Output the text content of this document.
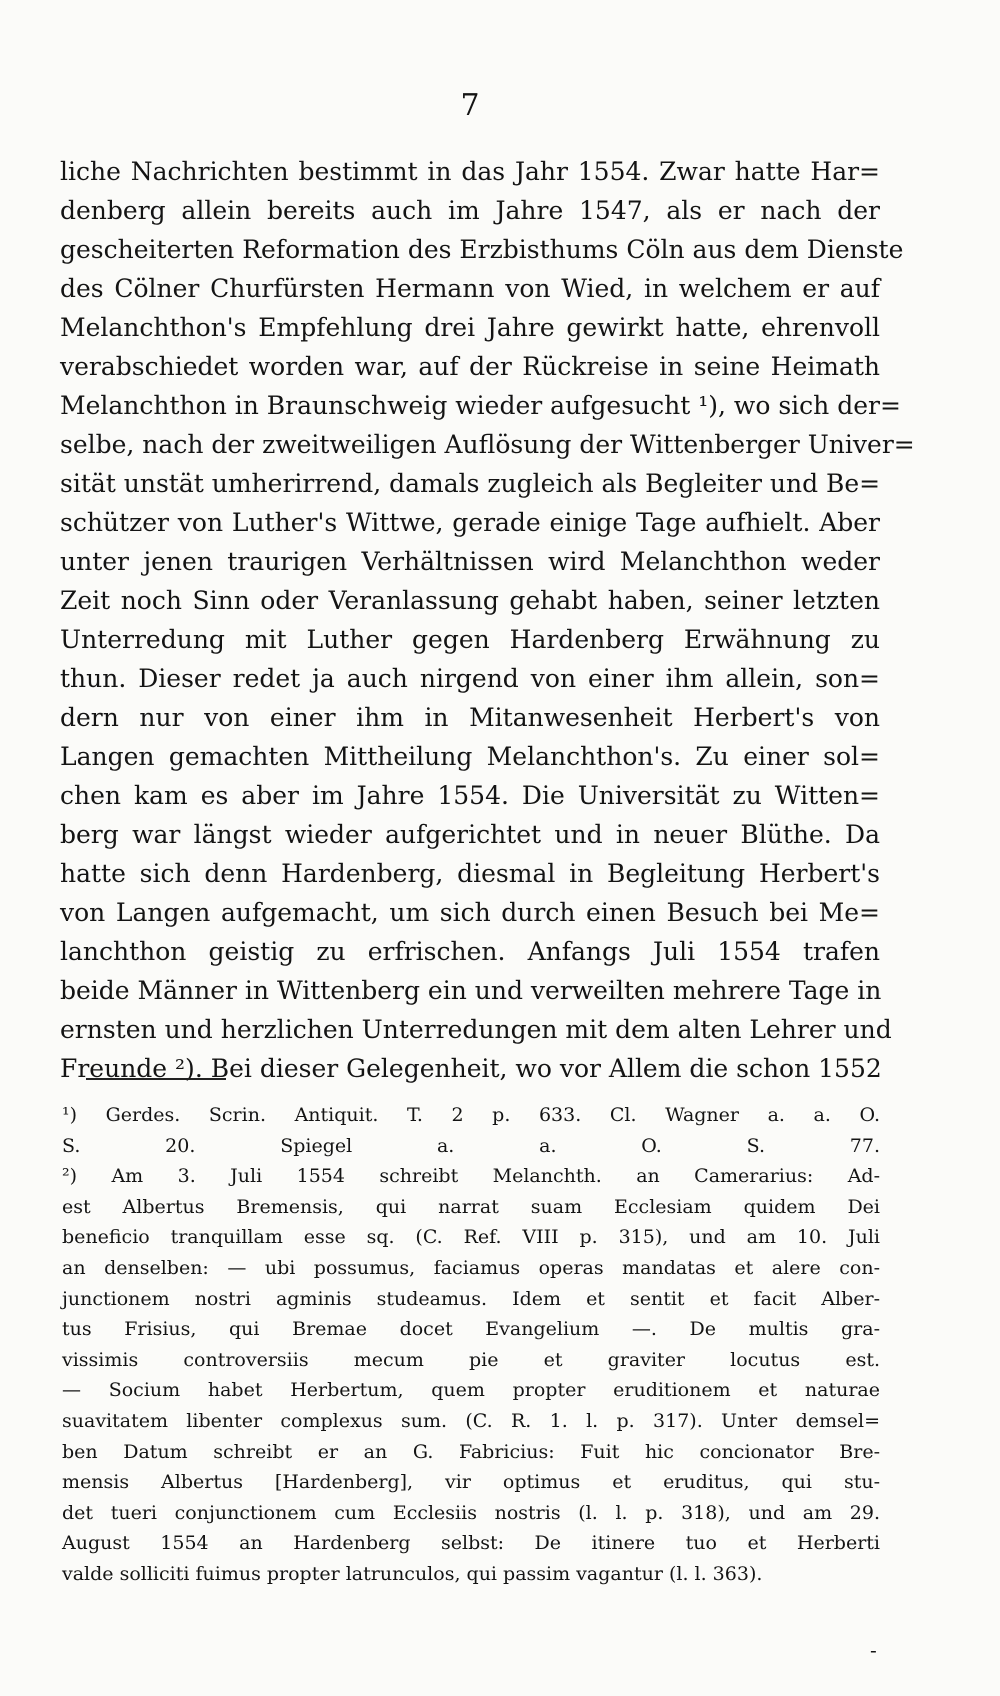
7
liche Nachrichten bestimmt in das Jahr 1554. Zwar hatte Har=
denberg allein bereits auch im Jahre 1547, als er nach der
gescheiterten Reformation des Erzbisthums Cöln aus dem Dienste
des Cölner Churfürsten Hermann von Wied, in welchem er auf
Melanchthon's Empfehlung drei Jahre gewirkt hatte, ehrenvoll
verabschiedet worden war, auf der Rückreise in seine Heimath
Melanchthon in Braunschweig wieder aufgesucht ¹), wo sich der=
selbe, nach der zweitweiligen Auflösung der Wittenberger Univer=
sität unstät umherirrend, damals zugleich als Begleiter und Be=
schützer von Luther's Wittwe, gerade einige Tage aufhielt. Aber
unter jenen traurigen Verhältnissen wird Melanchthon weder
Zeit noch Sinn oder Veranlassung gehabt haben, seiner letzten
Unterredung mit Luther gegen Hardenberg Erwähnung zu
thun. Dieser redet ja auch nirgend von einer ihm allein, son=
dern nur von einer ihm in Mitanwesenheit Herbert's von
Langen gemachten Mittheilung Melanchthon's. Zu einer sol=
chen kam es aber im Jahre 1554. Die Universität zu Witten=
berg war längst wieder aufgerichtet und in neuer Blüthe. Da
hatte sich denn Hardenberg, diesmal in Begleitung Herbert's
von Langen aufgemacht, um sich durch einen Besuch bei Me=
lanchthon geistig zu erfrischen. Anfangs Juli 1554 trafen
beide Männer in Wittenberg ein und verweilten mehrere Tage in
ernsten und herzlichen Unterredungen mit dem alten Lehrer und
Freunde ²). Bei dieser Gelegenheit, wo vor Allem die schon 1552
¹) Gerdes. Scrin. Antiquit. T. 2 p. 633. Cl. Wagner a. a. O.
S. 20. Spiegel a. a. O. S. 77.
²) Am 3. Juli 1554 schreibt Melanchth. an Camerarius: Ad-
est Albertus Bremensis, qui narrat suam Ecclesiam quidem Dei
beneficio tranquillam esse sq. (C. Ref. VIII p. 315), und am 10. Juli
an denselben: — ubi possumus, faciamus operas mandatas et alere con-
junctionem nostri agminis studeamus. Idem et sentit et facit Alber-
tus Frisius, qui Bremae docet Evangelium —. De multis gra-
vissimis controversiis mecum pie et graviter locutus est.
— Socium habet Herbertum, quem propter eruditionem et naturae
suavitatem libenter complexus sum. (C. R. 1. l. p. 317). Unter demsel=
ben Datum schreibt er an G. Fabricius: Fuit hic concionator Bre-
mensis Albertus [Hardenberg], vir optimus et eruditus, qui stu-
det tueri conjunctionem cum Ecclesiis nostris (l. l. p. 318), und am 29.
August 1554 an Hardenberg selbst: De itinere tuo et Herberti
valde solliciti fuimus propter latrunculos, qui passim vagantur (l. l. 363).
-
